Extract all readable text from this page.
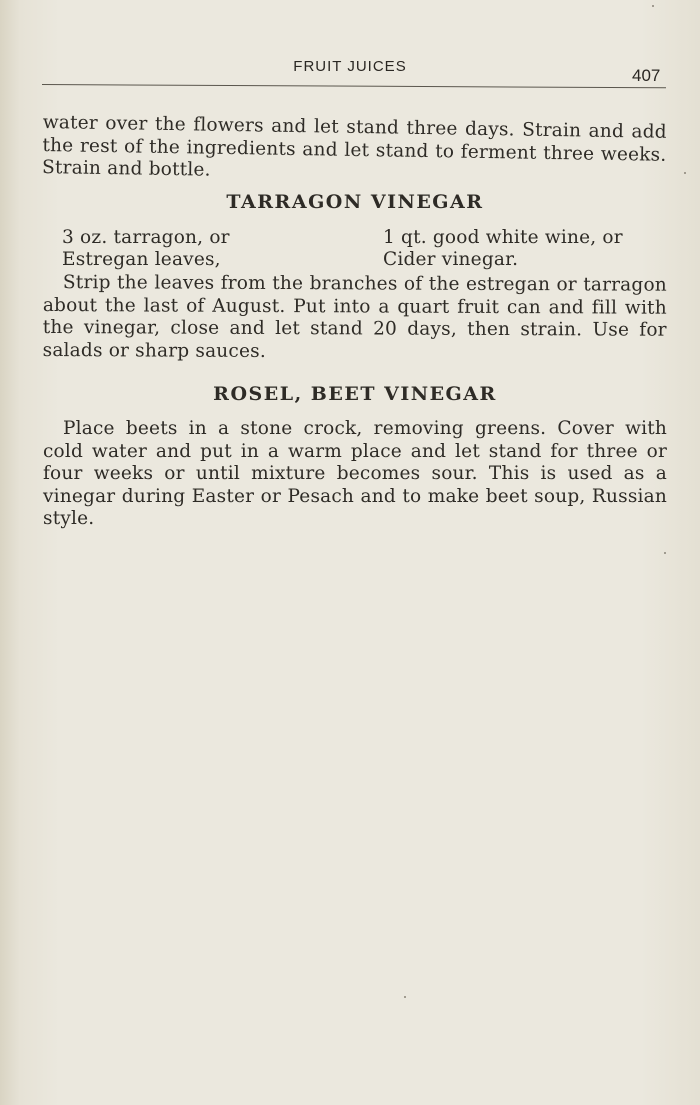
FRUIT JUICES	407
water over the flowers and let stand three days. Strain and add the rest of the ingredients and let stand to ferment three weeks. Strain and bottle.
TARRAGON VINEGAR
3 oz. tarragon, or
Estregan leaves,
1 qt. good white wine, or
Cider vinegar.
Strip the leaves from the branches of the estregan or tarragon about the last of August. Put into a quart fruit can and fill with the vinegar, close and let stand 20 days, then strain. Use for salads or sharp sauces.
ROSEL, BEET VINEGAR
Place beets in a stone crock, removing greens. Cover with cold water and put in a warm place and let stand for three or four weeks or until mixture becomes sour. This is used as a vinegar during Easter or Pesach and to make beet soup, Russian style.
